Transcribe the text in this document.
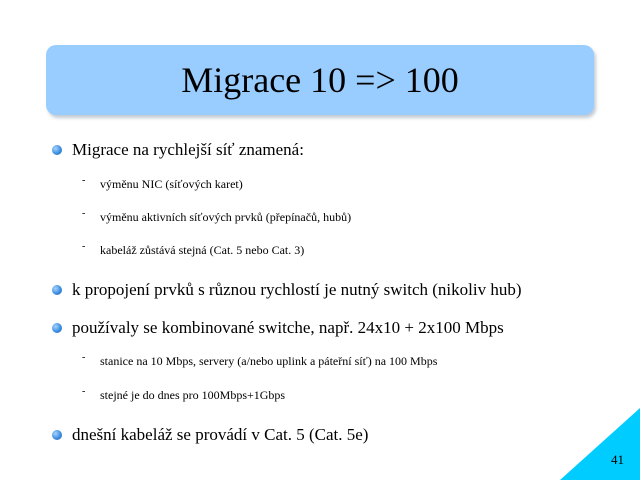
Migrace 10 => 100
Migrace na rychlejší síť znamená:
- výměnu NIC (síťových karet)
- výměnu aktivních síťových prvků (přepínačů, hubů)
- kabeláž zůstává stejná (Cat. 5 nebo Cat. 3)
k propojení prvků s různou rychlostí je nutný switch (nikoliv hub)
používaly se kombinované switche, např. 24x10 + 2x100 Mbps
- stanice na 10 Mbps, servery (a/nebo uplink a páteřní síť) na 100 Mbps
- stejné je do dnes pro 100Mbps+1Gbps
dnešní kabeláž se provádí v Cat. 5 (Cat. 5e)
41
